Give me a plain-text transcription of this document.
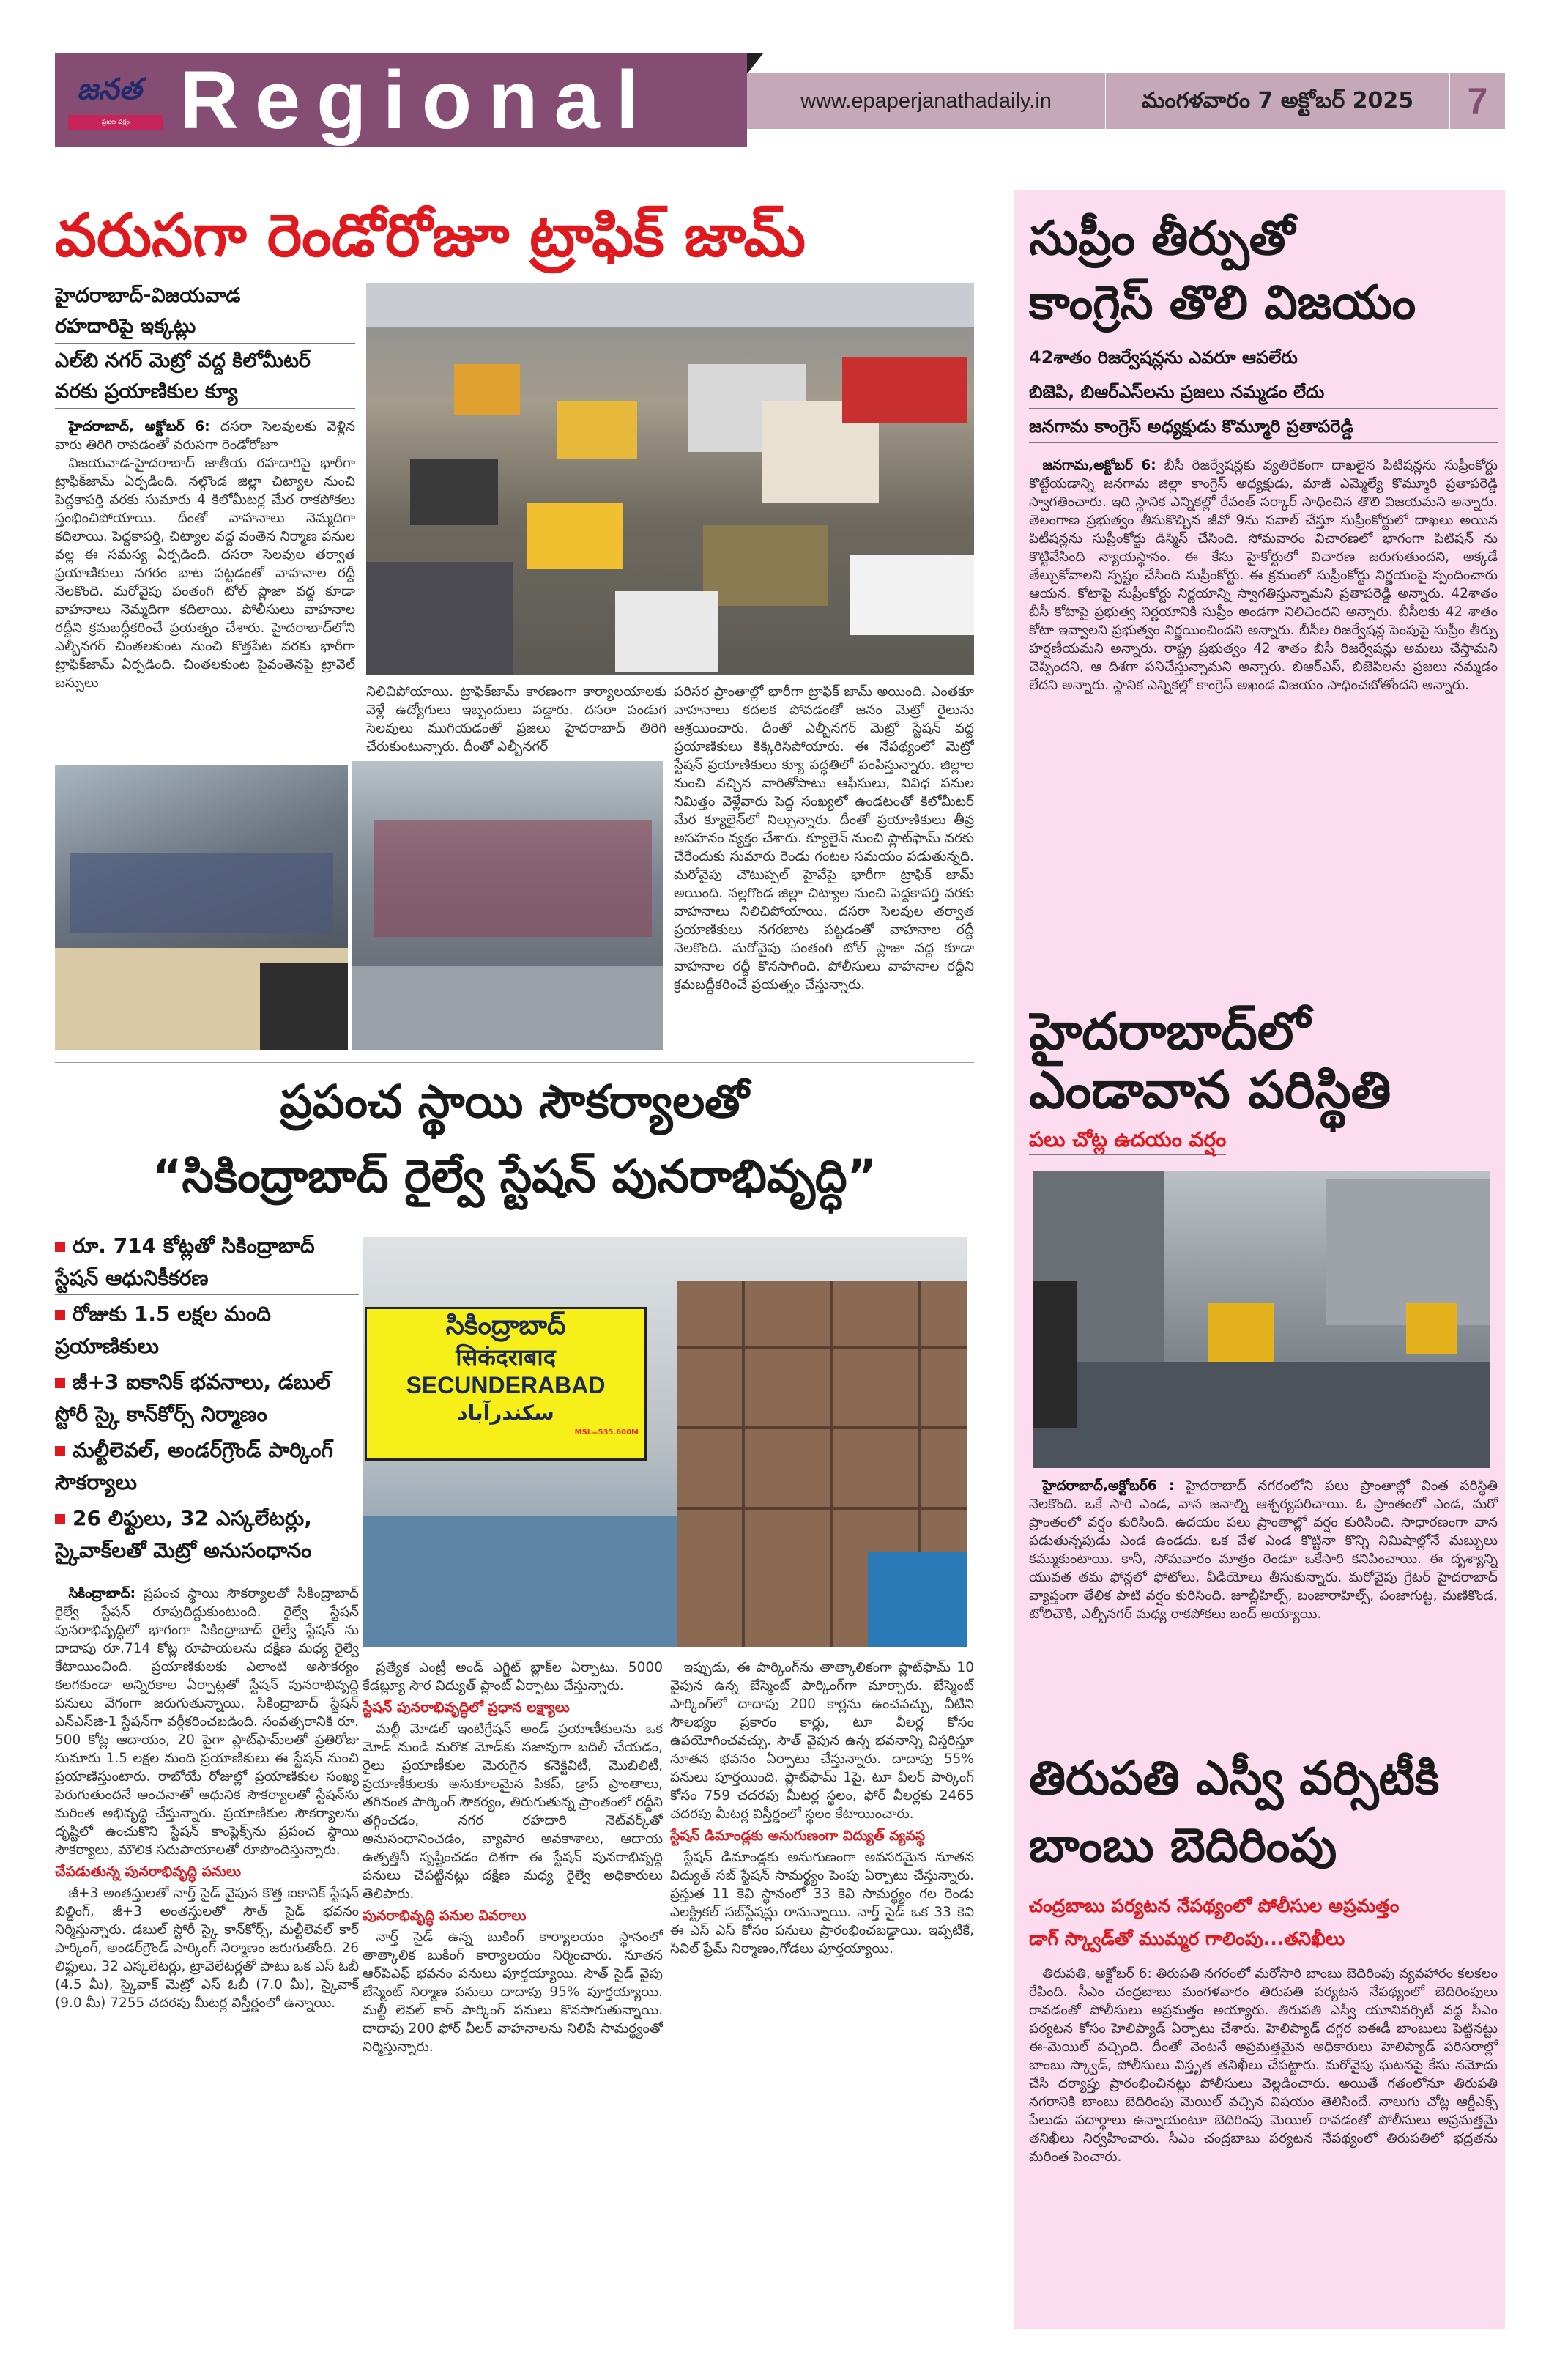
జనత
ప్రజల పక్షం Regional	www.epaperjanathadaily.in	మంగళవారం 7 అక్టోబర్ 2025	7
వరుసగా రెండోరోజూ ట్రాఫిక్ జామ్
హైదరాబాద్-విజయవాడ
రహదారిపై ఇక్కట్లు
ఎల్‌బి నగర్ మెట్రో వద్ద కిలోమీటర్
వరకు ప్రయాణికుల క్యూ

హైదరాబాద్, అక్టోబర్ 6: దసరా సెలవులకు వెళ్లిన వారు తిరిగి రావడంతో వరుసగా రెండోరోజూ

విజయవాడ-హైదరాబాద్ జాతీయ రహదారిపై భారీగా ట్రాఫిక్‌జామ్ ఏర్పడింది. నల్గొండ జిల్లా చిట్యాల నుంచి పెద్దకాపర్తి వరకు సుమారు 4 కిలోమీటర్ల మేర రాకపోకలు స్తంభించిపోయాయి. దీంతో వాహనాలు నెమ్మదిగా కదిలాయి. పెద్దకాపర్తి, చిట్యాల వద్ద వంతెన నిర్మాణ పనుల వల్ల ఈ సమస్య ఏర్పడింది. దసరా సెలవుల తర్వాత ప్రయాణికులు నగరం బాట పట్టడంతో వాహనాల రద్దీ నెలకొంది. మరోవైపు పంతంగి టోల్ ప్లాజా వద్ద కూడా వాహనాలు నెమ్మదిగా కదిలాయి. పోలీసులు వాహనాల రద్దీని క్రమబద్ధీకరించే ప్రయత్నం చేశారు. హైదరాబాద్‌లోని ఎల్బీనగర్ చింతలకుంట నుంచి కొత్తపేట వరకు భారీగా ట్రాఫిక్‌జామ్ ఏర్పడింది. చింతలకుంట పైవంతెనపై ట్రావెల్ బస్సులు

నిలిచిపోయాయి. ట్రాఫిక్‌జామ్ కారణంగా కార్యాలయాలకు వెళ్లే ఉద్యోగులు ఇబ్బందులు పడ్డారు. దసరా పండుగ సెలవులు ముగియడంతో ప్రజలు హైదరాబాద్ తిరిగి చేరుకుంటున్నారు. దీంతో ఎల్బీనగర్
పరిసర ప్రాంతాల్లో భారీగా ట్రాఫిక్ జామ్ అయింది. ఎంతకూ వాహనాలు కదలక పోవడంతో జనం మెట్రో రైలును ఆశ్రయించారు. దీంతో ఎల్బీనగర్ మెట్రో స్టేషన్ వద్ద ప్రయాణికులు కిక్కిరిసిపోయారు. ఈ నేపథ్యంలో మెట్రో స్టేషన్ ప్రయాణికులు క్యూ పద్ధతిలో పంపిస్తున్నారు. జిల్లాల నుంచి వచ్చిన వారితోపాటు ఆఫీసులు, వివిధ పనుల నిమిత్తం వెళ్లేవారు పెద్ద సంఖ్యలో ఉండటంతో కిలోమీటర్ మేర క్యూలైన్‌లో నిల్చున్నారు. దీంతో ప్రయాణికులు తీవ్ర అసహనం వ్యక్తం చేశారు. క్యూలైన్ నుంచి ప్లాట్‌ఫామ్ వరకు చేరేందుకు సుమారు రెండు గంటల సమయం పడుతున్నది. మరోవైపు చౌటుప్పల్ హైవేపై భారీగా ట్రాఫిక్ జామ్ అయింది. నల్లగొండ జిల్లా చిట్యాల నుంచి పెద్దకాపర్తి వరకు వాహనాలు నిలిచిపోయాయి. దసరా సెలవుల తర్వాత ప్రయాణికులు నగరబాట పట్టడంతో వాహనాల రద్దీ నెలకొంది. మరోవైపు పంతంగి టోల్ ప్లాజా వద్ద కూడా వాహనాల రద్దీ కొనసాగింది. పోలీసులు వాహనాల రద్దీని క్రమబద్ధీకరించే ప్రయత్నం చేస్తున్నారు.
ప్రపంచ స్థాయి సౌకర్యాలతో
“సికింద్రాబాద్ రైల్వే స్టేషన్ పునరాభివృద్ధి”
రూ. 714 కోట్లతో సికింద్రాబాద్ స్టేషన్ ఆధునికీకరణ
రోజుకు 1.5 లక్షల మంది ప్రయాణికులు
జీ+3 ఐకానిక్ భవనాలు, డబుల్ స్టోరీ స్కై కాన్‌కోర్స్ నిర్మాణం
మల్టీలెవల్, అండర్‌గ్రౌండ్ పార్కింగ్ సౌకర్యాలు
26 లిఫ్టులు, 32 ఎస్కలేటర్లు, స్కైవాక్‌లతో మెట్రో అనుసంధానం

సికింద్రాబాద్: ప్రపంచ స్థాయి సౌకర్యాలతో సికింద్రాబాద్ రైల్వే స్టేషన్ రూపుదిద్దుకుంటుంది. రైల్వే స్టేషన్ పునరాభివృద్ధిలో భాగంగా సికింద్రాబాద్ రైల్వే స్టేషన్ ను దాదాపు రూ.714 కోట్ల రూపాయలను దక్షిణ మధ్య రైల్వే కేటాయించింది. ప్రయాణికులకు ఎలాంటి అసౌకర్యం కలగకుండా అన్నిరకాల ఏర్పాట్లతో స్టేషన్ పునరాభివృద్ధి పనులు వేగంగా జరుగుతున్నాయి. సికింద్రాబాద్ స్టేషన్ ఎన్‌ఎస్‌జి-1 స్టేషన్‌గా వర్గీకరించబడింది. సంవత్సరానికి రూ. 500 కోట్ల ఆదాయం, 20 పైగా ప్లాట్‌ఫామ్‌లతో ప్రతిరోజు సుమారు 1.5 లక్షల మంది ప్రయాణికులు ఈ స్టేషన్ నుంచి ప్రయాణిస్తుంటారు. రాబోయే రోజుల్లో ప్రయాణికుల సంఖ్య పెరుగుతుందనే అంచనాతో ఆధునిక సౌకర్యాలతో స్టేషన్‌ను మరింత అభివృద్ధి చేస్తున్నారు. ప్రయాణికుల సౌకర్యాలను దృష్టిలో ఉంచుకొని స్టేషన్ కాంప్లెక్స్‌ను ప్రపంచ స్థాయి సౌకర్యాలు, మౌలిక సదుపాయాలతో రూపొందిస్తున్నారు.

చేపడుతున్న పునరాభివృద్ధి పనులు

జీ+3 అంతస్తులతో నార్త్ సైడ్ వైపున కొత్త ఐకానిక్ స్టేషన్ బిల్డింగ్, జీ+3 అంతస్తులతో సౌత్ సైడ్ భవనం నిర్మిస్తున్నారు. డబుల్ స్టోరీ స్కై కాన్‌కోర్స్, మల్టీలెవల్ కార్ పార్కింగ్, అండర్‌గ్రౌండ్ పార్కింగ్ నిర్మాణం జరుగుతోంది. 26 లిఫ్టులు, 32 ఎస్కలేటర్లు, ట్రావెలేటర్లతో పాటు ఒక ఎస్ ఓబీ (4.5 మీ), స్కైవాక్ మెట్రో ఎస్ ఓబీ (7.0 మీ), స్కైవాక్ (9.0 మీ) 7255 చదరపు మీటర్ల విస్తీర్ణంలో ఉన్నాయి.

సికింద్రాబాద్
सिकंदराबाद
SECUNDERABAD
سکندرآباد
MSL=535.600M

ప్రత్యేక ఎంట్రీ అండ్ ఎగ్జిట్ బ్లాక్‌ల ఏర్పాటు. 5000 కేడబ్ల్యూ సౌర విద్యుత్ ప్లాంట్ ఏర్పాటు చేస్తున్నారు.

స్టేషన్ పునరాభివృద్ధిలో ప్రధాన లక్ష్యాలు

మల్టీ మోడల్ ఇంటిగ్రేషన్ అండ్ ప్రయాణీకులను ఒక మోడ్ నుండి మరొక మోడ్‌కు సజావుగా బదిలీ చేయడం, రైలు ప్రయాణీకుల మెరుగైన కనెక్టివిటీ, మొబిలిటీ, ప్రయాణీకులకు అనుకూలమైన పికప్, డ్రాప్ ప్రాంతాలు, తగినంత పార్కింగ్ సౌకర్యం, తిరుగుతున్న ప్రాంతంలో రద్దీని తగ్గించడం, నగర రహదారి నెట్‌వర్క్‌తో అనుసంధానించడం, వ్యాపార అవకాశాలు, ఆదాయ ఉత్పత్తినీ సృష్టించడం దిశగా ఈ స్టేషన్ పునరాభివృద్ధి పనులు చేపట్టినట్లు దక్షిణ మధ్య రైల్వే అధికారులు తెలిపారు.

పునరాభివృద్ధి పనుల వివరాలు

నార్త్ సైడ్ ఉన్న బుకింగ్ కార్యాలయం స్థానంలో తాత్కాలిక బుకింగ్ కార్యాలయం నిర్మించారు. నూతన ఆర్‌పిఎఫ్ భవనం పనులు పూర్తయ్యాయి. సౌత్ సైడ్ వైపు బేస్మెంట్ నిర్మాణ పనులు దాదాపు 95% పూర్తయ్యాయి. మల్టీ లెవల్ కార్ పార్కింగ్ పనులు కొనసాగుతున్నాయి. దాదాపు 200 ఫోర్ వీలర్ వాహనాలను నిలిపే సామర్థ్యంతో నిర్మిస్తున్నారు.

ఇప్పుడు, ఈ పార్కింగ్‌ను తాత్కాలికంగా ప్లాట్‌ఫామ్ 10 వైపున ఉన్న బేస్మెంట్ పార్కింగ్‌గా మార్చారు. బేస్మెంట్ పార్కింగ్‌లో దాదాపు 200 కార్లను ఉంచవచ్చు, వీటిని సౌలభ్యం ప్రకారం కార్లు, టూ వీలర్ల కోసం ఉపయోగించవచ్చు. సౌత్ వైపున ఉన్న భవనాన్ని విస్తరిస్తూ నూతన భవనం ఏర్పాటు చేస్తున్నారు. దాదాపు 55% పనులు పూర్తయింది. ప్లాట్‌ఫామ్ 1పై, టూ వీలర్ పార్కింగ్ కోసం 759 చదరపు మీటర్ల స్థలం, ఫోర్ వీలర్లకు 2465 చదరపు మీటర్ల విస్తీర్ణంలో స్థలం కేటాయించారు.

స్టేషన్ డిమాండ్లకు అనుగుణంగా విద్యుత్ వ్యవస్థ

స్టేషన్ డిమాండ్లకు అనుగుణంగా అవసరమైన నూతన విద్యుత్ సబ్ స్టేషన్ సామర్థ్యం పెంపు ఏర్పాటు చేస్తున్నారు. ప్రస్తుత 11 కెవి స్థానంలో 33 కెవి సామర్థ్యం గల రెండు ఎలక్ట్రికల్ సబ్‌స్టేషన్లు రానున్నాయి. నార్త్ సైడ్ ఒక 33 కెవి ఈ ఎస్ ఎస్ కోసం పనులు ప్రారంభించబడ్డాయి. ఇప్పటికే, సివిల్ ఫ్రేమ్ నిర్మాణం,గోడలు పూర్తయ్యాయి.

సుప్రీం తీర్పుతో
కాంగ్రెస్ తొలి విజయం
42శాతం రిజర్వేషన్లను ఎవరూ ఆపలేరు
బిజెపి, బిఆర్‌ఎస్‌లను ప్రజలు నమ్మడం లేదు
జనగామ కాంగ్రెస్ అధ్యక్షుడు కొమ్మూరి ప్రతాపరెడ్డి

జనగామ,అక్టోబర్ 6: బీసీ రిజర్వేషన్లకు వ్యతిరేకంగా దాఖలైన పిటిషన్లను సుప్రీంకోర్టు కొట్టేయడాన్ని జనగామ జిల్లా కాంగ్రెస్ అధ్యక్షుడు, మాజీ ఎమ్మెల్యే కొమ్మూరి ప్రతాపరెడ్డి స్వాగతించారు. ఇది స్థానిక ఎన్నికల్లో రేవంత్ సర్కార్ సాధించిన తొలి విజయమని అన్నారు. తెలంగాణ ప్రభుత్వం తీసుకొచ్చిన జీవో 9ను సవాల్ చేస్తూ సుప్రీంకోర్టులో దాఖలు అయిన పిటీషన్లను సుప్రీంకోర్టు డిస్మిస్ చేసింది. సోమవారం విచారణలో భాగంగా పిటిషన్ ను కొట్టివేసింది న్యాయస్థానం. ఈ కేసు హైకోర్టులో విచారణ జరుగుతుందని, అక్కడే తేల్చుకోవాలని స్పష్టం చేసింది సుప్రీంకోర్టు. ఈ క్రమంలో సుప్రీంకోర్టు నిర్ణయంపై స్పందించారు ఆయన. కోటాపై సుప్రీంకోర్టు నిర్ణయాన్ని స్వాగతిస్తున్నామని ప్రతాపరెడ్డి అన్నారు. 42శాతం బీసీ కోటాపై ప్రభుత్వ నిర్ణయానికి సుప్రీం అండగా నిలిచిందని అన్నారు. బీసీలకు 42 శాతం కోటా ఇవ్వాలని ప్రభుత్వం నిర్ణయించిందని అన్నారు. బీసీల రిజర్వేషన్ల పెంపుపై సుప్రీం తీర్పు హర్షణీయమని అన్నారు. రాష్ట్ర ప్రభుత్వం 42 శాతం బీసీ రిజర్వేషన్లు అమలు చేస్తామని చెప్పిందని, ఆ దిశగా పనిచేస్తున్నామని అన్నారు. బిఆర్‌ఎస్, బిజెపిలను ప్రజలు నమ్మడం లేదని అన్నారు. స్థానిక ఎన్నికల్లో కాంగ్రెస్ అఖండ విజయం సాధించబోతోందని అన్నారు.

హైదరాబాద్‌లో
ఎండావాన పరిస్థితి
పలు చోట్ల ఉదయం వర్షం

హైదరాబాద్,అక్టోబర్6 : హైదరాబాద్ నగరంలోని పలు ప్రాంతాల్లో వింత పరిస్థితి నెలకొంది. ఒకే సారి ఎండ, వాన జనాల్ని ఆశ్చర్యపరిచాయి. ఓ ప్రాంతంలో ఎండ, మరో ప్రాంతంలో వర్షం కురిసింది. ఉదయం పలు ప్రాంతాల్లో వర్షం కురిసింది. సాధారణంగా వాన పడుతున్నపుడు ఎండ ఉండదు. ఒక వేళ ఎండ కొట్టినా కొన్ని నిమిషాల్లోనే మబ్బులు కమ్ముకుంటాయి. కానీ, సోమవారం మాత్రం రెండూ ఒకేసారి కనిపించాయి. ఈ దృశ్యాన్ని యువత తమ ఫోన్లలో ఫోటోలు, వీడియోలు తీసుకున్నారు. మరోవైపు గ్రేటర్ హైదరాబాద్ వ్యాప్తంగా తేలిక పాటి వర్షం కురిసింది. జూబ్లీహిల్స్, బంజారాహిల్స్, పంజాగుట్ట, మణికొండ, టోలిచౌకి, ఎల్బీనగర్ మధ్య రాకపోకలు బంద్ అయ్యాయి.

తిరుపతి ఎస్వీ వర్సిటీకి
బాంబు బెదిరింపు
చంద్రబాబు పర్యటన నేపథ్యంలో పోలీసుల అప్రమత్తం
డాగ్ స్క్వాడ్‌తో ముమ్మర గాలింపు...తనిఖీలు

తిరుపతి, అక్టోబర్ 6: తిరుపతి నగరంలో మరోసారి బాంబు బెదిరింపు వ్యవహారం కలకలం రేపింది. సీఎం చంద్రబాబు మంగళవారం తిరుపతి పర్యటన నేపథ్యంలో బెదిరింపులు రావడంతో పోలీసులు అప్రమత్తం అయ్యారు. తిరుపతి ఎస్వీ యూనివర్సిటీ వద్ద సీఎం పర్యటన కోసం హెలిప్యాడ్ ఏర్పాటు చేశారు. హెలిప్యాడ్ దగ్గర ఐఈడీ బాంబులు పెట్టినట్టు ఈ-మెయిల్ వచ్చింది. దీంతో వెంటనే అప్రమత్తమైన అధికారులు హెలిప్యాడ్ పరిసరాల్లో బాంబు స్క్వాడ్, పోలీసులు విస్తృత తనిఖీలు చేపట్టారు. మరోవైపు ఘటనపై కేసు నమోదు చేసి దర్యాప్తు ప్రారంభించినట్లు పోలీసులు వెల్లడించారు. అయితే గతంలోనూ తిరుపతి నగరానికి బాంబు బెదిరింపు మెయిల్ వచ్చిన విషయం తెలిసిందే. నాలుగు చోట్ల ఆర్డీఎక్స్ పేలుడు పదార్థాలు ఉన్నాయంటూ బెదిరింపు మెయిల్ రావడంతో పోలీసులు అప్రమత్తమై తనిఖీలు నిర్వహించారు. సీఎం చంద్రబాబు పర్యటన నేపథ్యంలో తిరుపతిలో భద్రతను మరింత పెంచారు.
